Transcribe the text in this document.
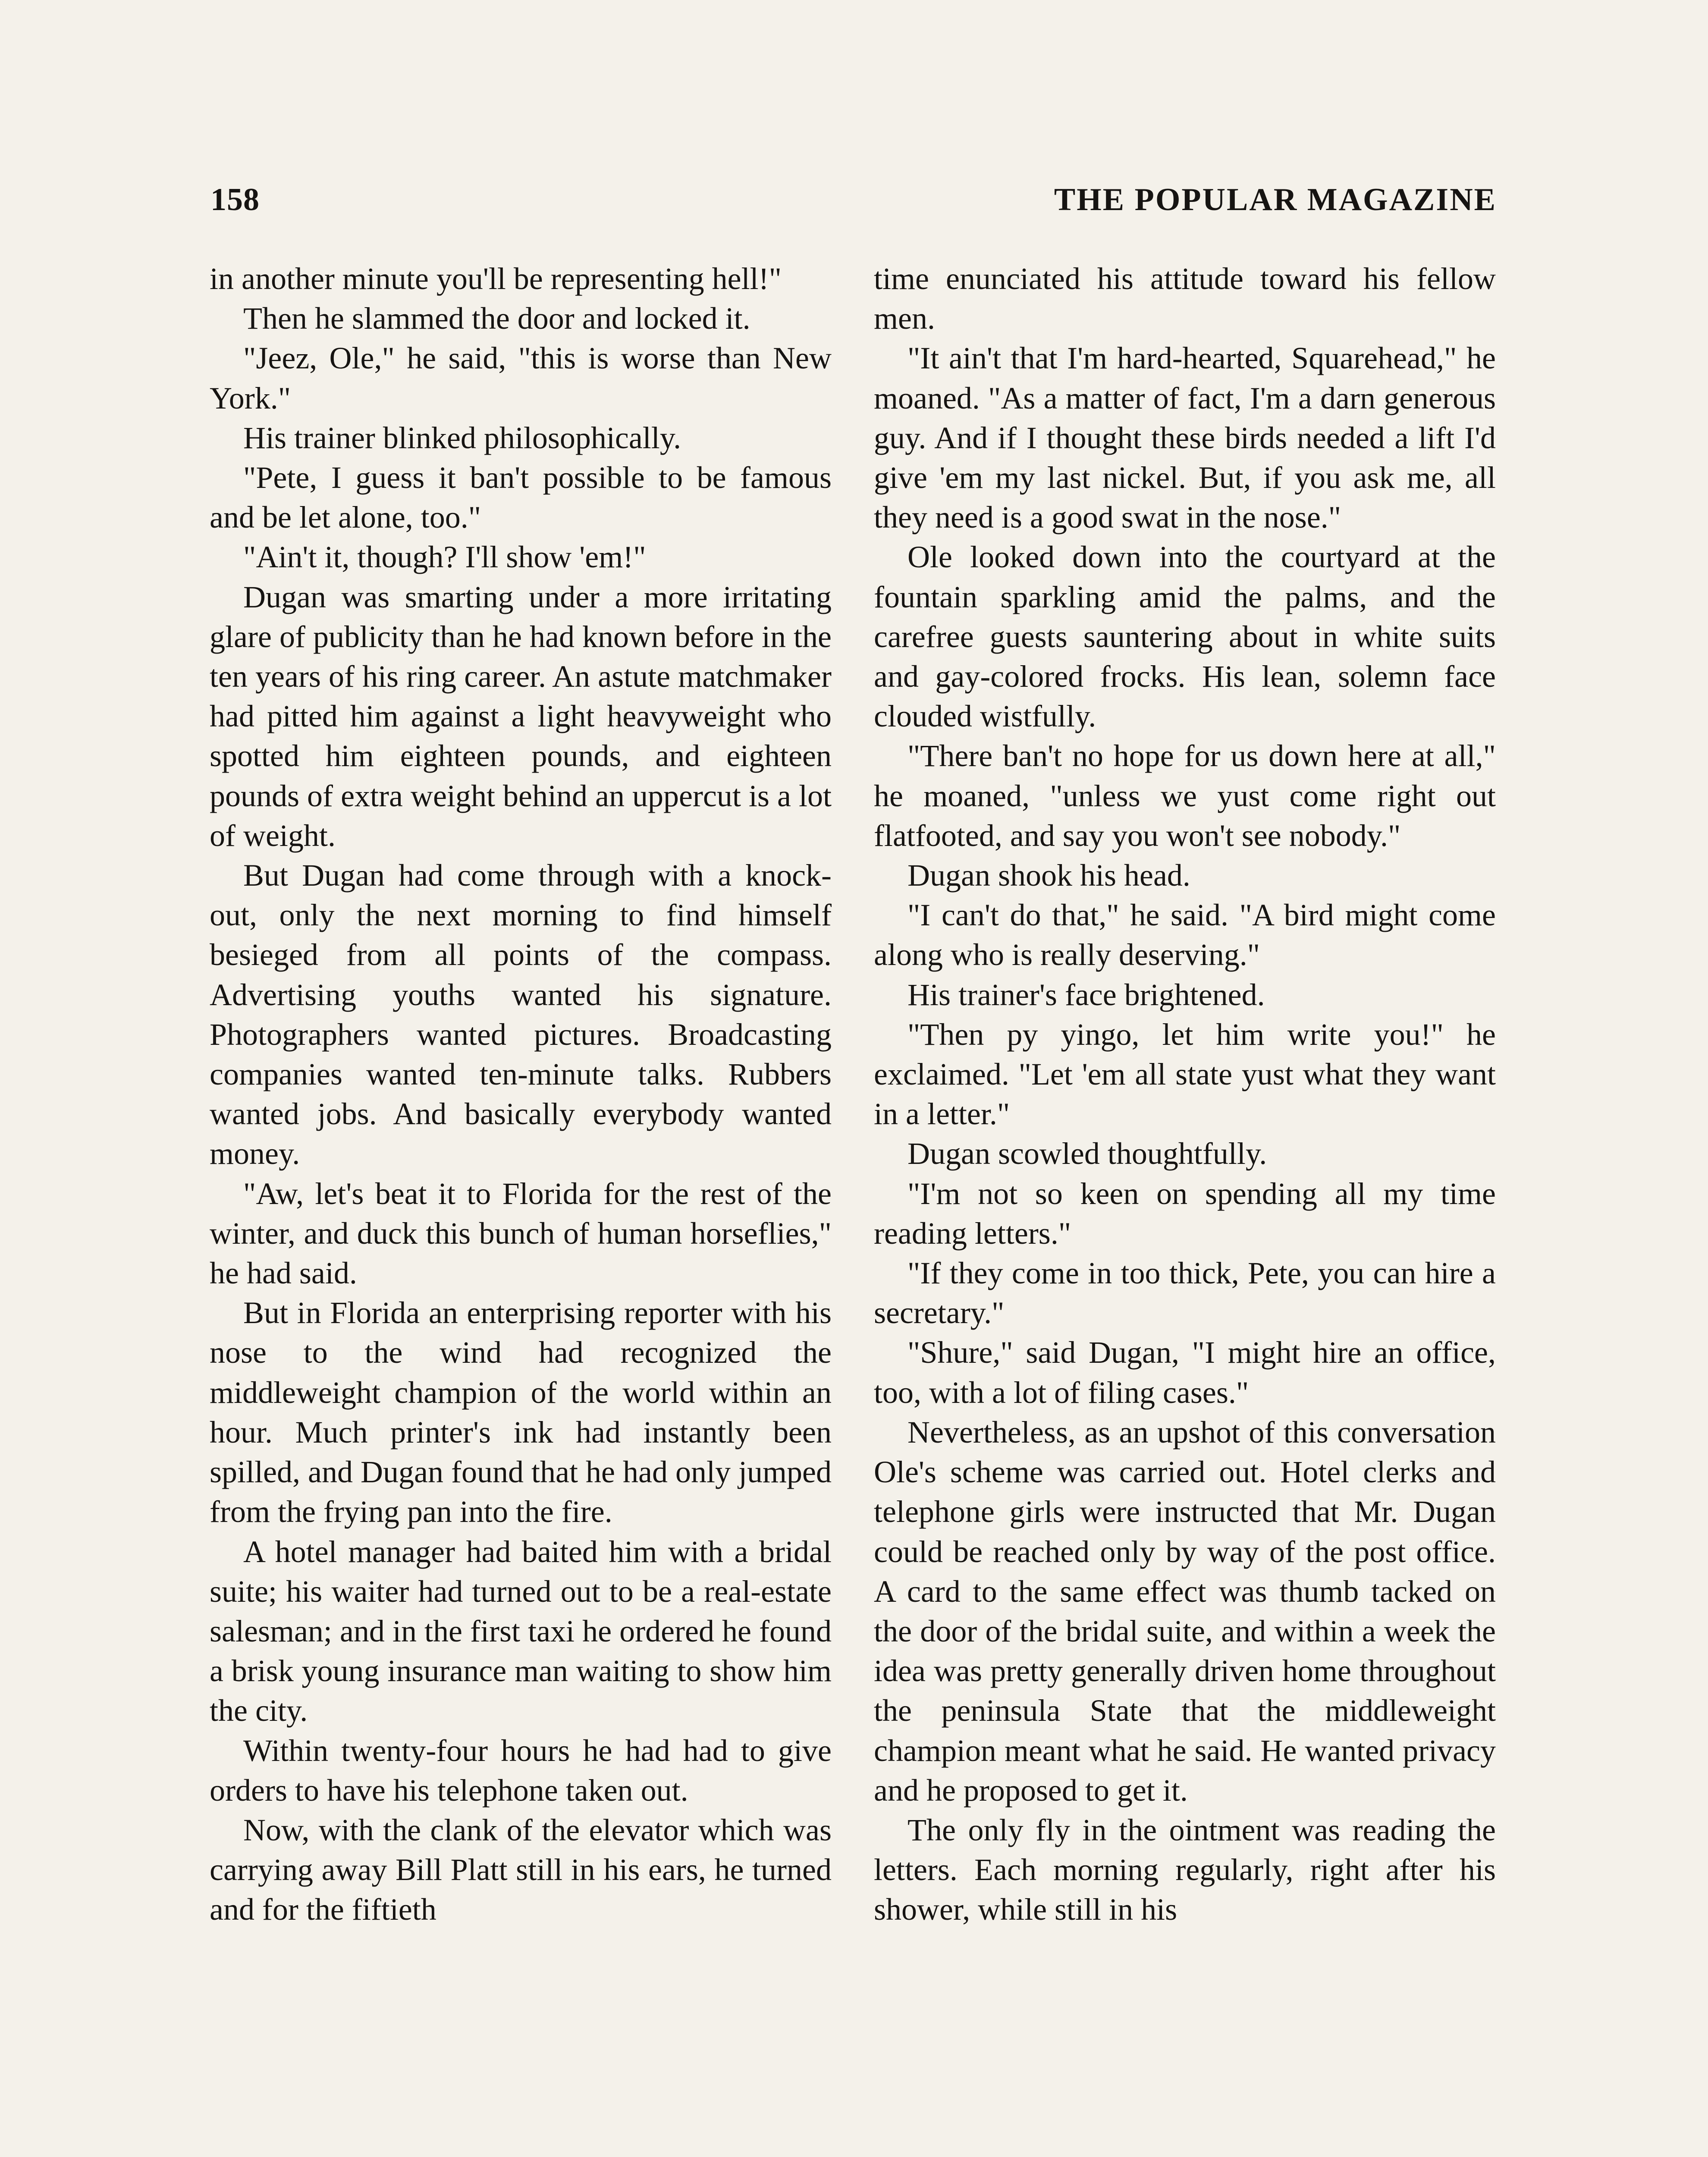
158	THE POPULAR MAGAZINE

in another minute you'll be representing hell!"

Then he slammed the door and locked it.

"Jeez, Ole," he said, "this is worse than New York."

His trainer blinked philosophically.

"Pete, I guess it ban't possible to be famous and be let alone, too."

"Ain't it, though? I'll show 'em!"

Dugan was smarting under a more irritating glare of publicity than he had known before in the ten years of his ring career. An astute matchmaker had pitted him against a light heavyweight who spotted him eighteen pounds, and eighteen pounds of extra weight behind an uppercut is a lot of weight.

But Dugan had come through with a knock-out, only the next morning to find himself besieged from all points of the compass. Advertising youths wanted his signature. Photographers wanted pictures. Broadcasting companies wanted ten-minute talks. Rubbers wanted jobs. And basically everybody wanted money.

"Aw, let's beat it to Florida for the rest of the winter, and duck this bunch of human horseflies," he had said.

But in Florida an enterprising reporter with his nose to the wind had recognized the middleweight champion of the world within an hour. Much printer's ink had instantly been spilled, and Dugan found that he had only jumped from the frying pan into the fire.

A hotel manager had baited him with a bridal suite; his waiter had turned out to be a real-estate salesman; and in the first taxi he ordered he found a brisk young insurance man waiting to show him the city.

Within twenty-four hours he had had to give orders to have his telephone taken out.

Now, with the clank of the elevator which was carrying away Bill Platt still in his ears, he turned and for the fiftieth

time enunciated his attitude toward his fellow men.

"It ain't that I'm hard-hearted, Squarehead," he moaned. "As a matter of fact, I'm a darn generous guy. And if I thought these birds needed a lift I'd give 'em my last nickel. But, if you ask me, all they need is a good swat in the nose."

Ole looked down into the courtyard at the fountain sparkling amid the palms, and the carefree guests sauntering about in white suits and gay-colored frocks. His lean, solemn face clouded wistfully.

"There ban't no hope for us down here at all," he moaned, "unless we yust come right out flatfooted, and say you won't see nobody."

Dugan shook his head.

"I can't do that," he said. "A bird might come along who is really deserving."

His trainer's face brightened.

"Then py yingo, let him write you!" he exclaimed. "Let 'em all state yust what they want in a letter."

Dugan scowled thoughtfully.

"I'm not so keen on spending all my time reading letters."

"If they come in too thick, Pete, you can hire a secretary."

"Shure," said Dugan, "I might hire an office, too, with a lot of filing cases."

Nevertheless, as an upshot of this conversation Ole's scheme was carried out. Hotel clerks and telephone girls were instructed that Mr. Dugan could be reached only by way of the post office. A card to the same effect was thumb tacked on the door of the bridal suite, and within a week the idea was pretty generally driven home throughout the peninsula State that the middleweight champion meant what he said. He wanted privacy and he proposed to get it.

The only fly in the ointment was reading the letters. Each morning regularly, right after his shower, while still in his
